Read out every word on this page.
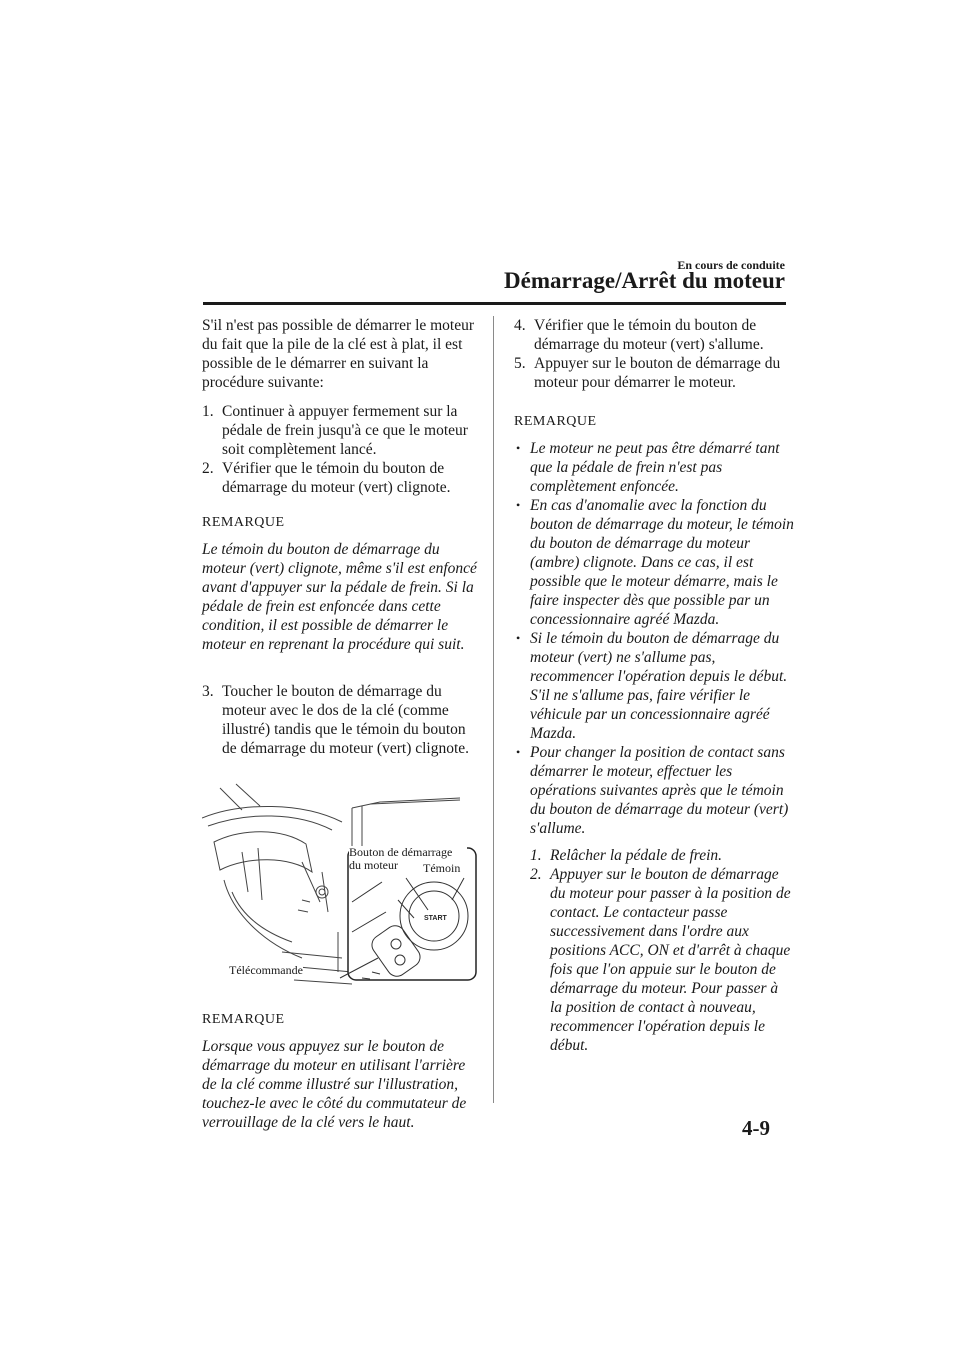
En cours de conduite
Démarrage/Arrêt du moteur

S'il n'est pas possible de démarrer le moteur du fait que la pile de la clé est à plat, il est possible de le démarrer en suivant la procédure suivante:

1. Continuer à appuyer fermement sur la pédale de frein jusqu'à ce que le moteur soit complètement lancé.
2. Vérifier que le témoin du bouton de démarrage du moteur (vert) clignote.
REMARQUE

Le témoin du bouton de démarrage du moteur (vert) clignote, même s'il est enfoncé avant d'appuyer sur la pédale de frein. Si la pédale de frein est enfoncée dans cette condition, il est possible de démarrer le moteur en reprenant la procédure qui suit.

3. Toucher le bouton de démarrage du moteur avec le dos de la clé (comme illustré) tandis que le témoin du bouton de démarrage du moteur (vert) clignote.
START
Bouton de démarrage du moteur	Témoin
Télécommande
REMARQUE

Lorsque vous appuyez sur le bouton de démarrage du moteur en utilisant l'arrière de la clé comme illustré sur l'illustration, touchez-le avec le côté du commutateur de verrouillage de la clé vers le haut.

4. Vérifier que le témoin du bouton de démarrage du moteur (vert) s'allume.
5. Appuyer sur le bouton de démarrage du moteur pour démarrer le moteur.
REMARQUE
• Le moteur ne peut pas être démarré tant que la pédale de frein n'est pas complètement enfoncée.
• En cas d'anomalie avec la fonction du bouton de démarrage du moteur, le témoin du bouton de démarrage du moteur (ambre) clignote. Dans ce cas, il est possible que le moteur démarre, mais le faire inspecter dès que possible par un concessionnaire agréé Mazda.
• Si le témoin du bouton de démarrage du moteur (vert) ne s'allume pas, recommencer l'opération depuis le début. S'il ne s'allume pas, faire vérifier le véhicule par un concessionnaire agréé Mazda.
• Pour changer la position de contact sans démarrer le moteur, effectuer les opérations suivantes après que le témoin du bouton de démarrage du moteur (vert) s'allume.
1. Relâcher la pédale de frein.
2. Appuyer sur le bouton de démarrage du moteur pour passer à la position de contact. Le contacteur passe successivement dans l'ordre aux positions ACC, ON et d'arrêt à chaque fois que l'on appuie sur le bouton de démarrage du moteur. Pour passer à la position de contact à nouveau, recommencer l'opération depuis le début.
4-9
